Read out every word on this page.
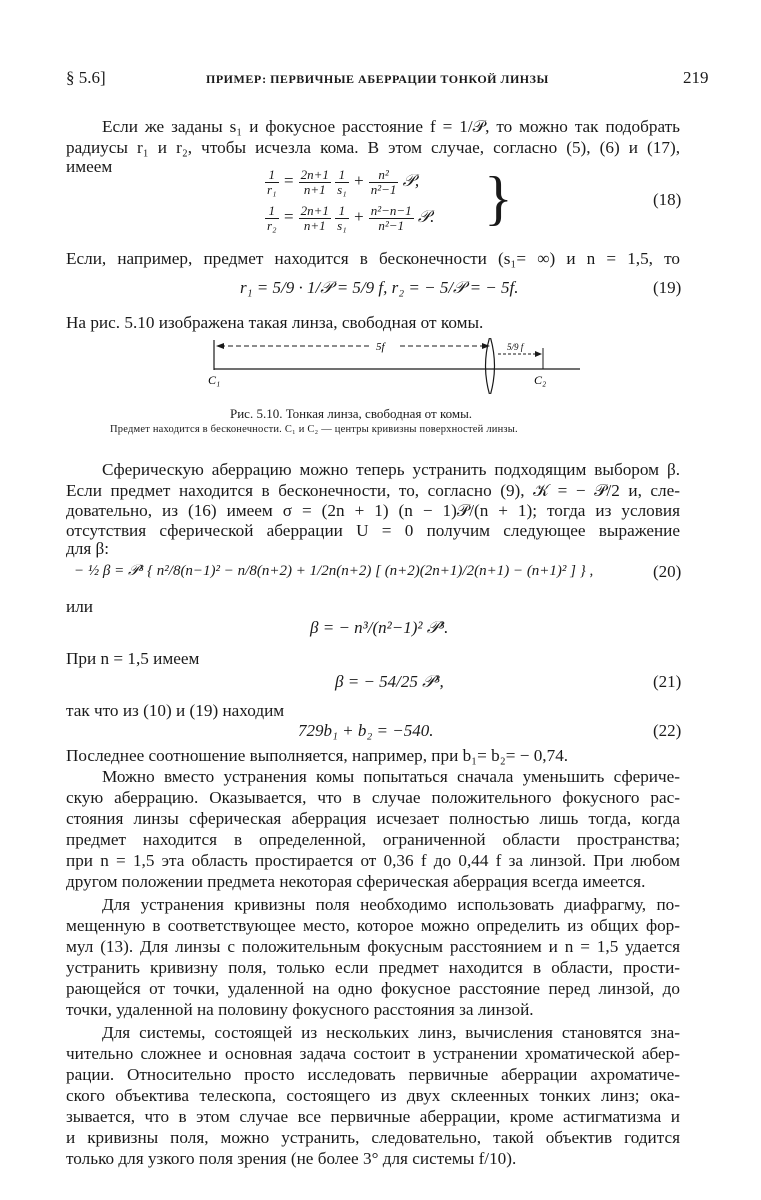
§ 5.6]	ПРИМЕР: ПЕРВИЧНЫЕ АБЕРРАЦИИ ТОНКОЙ ЛИНЗЫ	219
Если же заданы s₁ и фокусное расстояние f = 1/𝒫, то можно так подобрать
радиусы r₁ и r₂, чтобы исчезла кома. В этом случае, согласно (5), (6) и (17),
имеем
$\frac{1}{\text{r₁}} = \frac{2n+1}{n+1}$
$\frac{1}{\text{s₁}} + \frac{\text{n²}}{\text{n²−1}}$ 𝒫,
$\frac{1}{\text{r₂}} = \frac{2n+1}{n+1}$
$\frac{1}{\text{s₁}} + \frac{\text{n²−n−1}}{\text{n²−1}}$ 𝒫. }	(18)
Если, например, предмет находится в бесконечности (s₁= ∞) и n = 1,5, то
r₁ = 5/9 · 1/𝒫 = 5/9 f, r₂ = − 5/𝒫 = − 5f.	(19)
На рис. 5.10 изображена такая линза, свободная от комы.
5f	5/9 f
C₁	C₂
Рис. 5.10. Тонкая линза, свободная от комы.
Предмет находится в бесконечности. C₁ и C₂ — центры кривизны поверхностей линзы.
Сферическую аберрацию можно теперь устранить подходящим выбором β.
Если предмет находится в бесконечности, то, согласно (9), 𝒦 = − 𝒫/2 и, сле-
довательно, из (16) имеем σ = (2n + 1) (n − 1)𝒫/(n + 1); тогда из условия
отсутствия сферической аберрации U = 0 получим следующее выражение
для β:
− ½ β = 𝒫³ { n²/8(n−1)² − n/8(n+2) + 1/2n(n+2) [ (n+2)(2n+1)/2(n+1) − (n+1)² ] } ,	(20)
или
β = − n³/(n²−1)² 𝒫³.
При n = 1,5 имеем
β = − 54/25 𝒫³,	(21)
так что из (10) и (19) находим
729b₁ + b₂ = −540.	(22)
Последнее соотношение выполняется, например, при b₁= b₂= − 0,74.
Можно вместо устранения комы попытаться сначала уменьшить сфериче-
скую аберрацию. Оказывается, что в случае положительного фокусного рас-
стояния линзы сферическая аберрация исчезает полностью лишь тогда, когда
предмет находится в определенной, ограниченной области пространства;
при n = 1,5 эта область простирается от 0,36 f до 0,44 f за линзой. При любом
другом положении предмета некоторая сферическая аберрация всегда имеется.
Для устранения кривизны поля необходимо использовать диафрагму, по-
мещенную в соответствующее место, которое можно определить из общих фор-
мул (13). Для линзы с положительным фокусным расстоянием и n = 1,5 удается
устранить кривизну поля, только если предмет находится в области, прости-
рающейся от точки, удаленной на одно фокусное расстояние перед линзой, до
точки, удаленной на половину фокусного расстояния за линзой.
Для системы, состоящей из нескольких линз, вычисления становятся зна-
чительно сложнее и основная задача состоит в устранении хроматической абер-
рации. Относительно просто исследовать первичные аберрации ахроматиче-
ского объектива телескопа, состоящего из двух склеенных тонких линз; ока-
зывается, что в этом случае все первичные аберрации, кроме астигматизма и
и кривизны поля, можно устранить, следовательно, такой объектив годится
только для узкого поля зрения (не более 3° для системы f/10).
